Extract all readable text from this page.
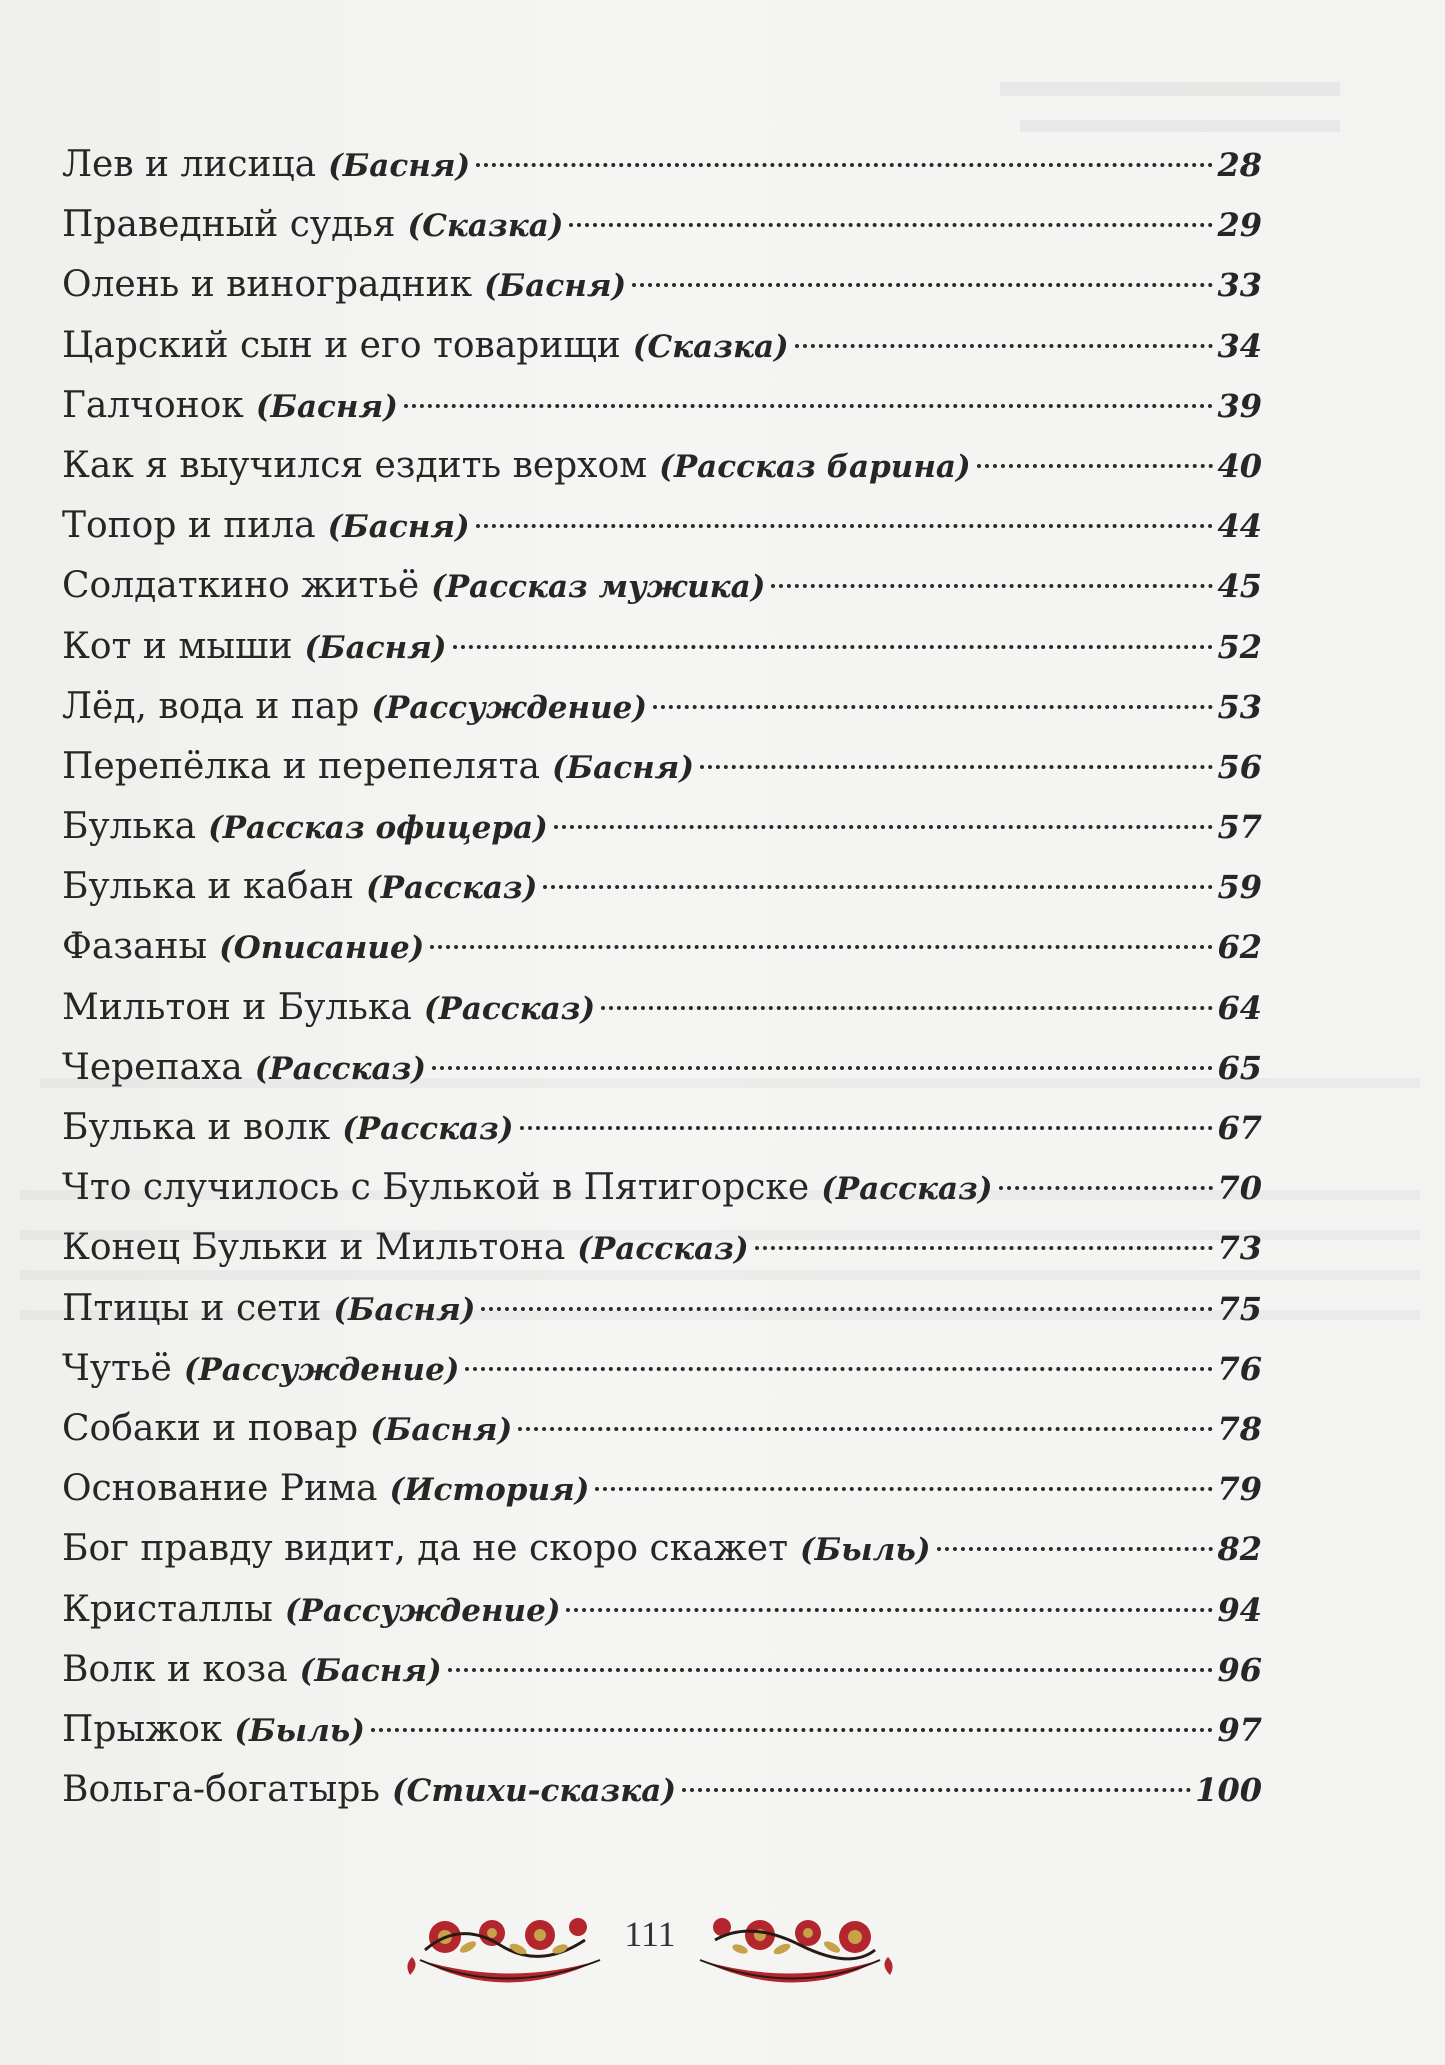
Лев и лисица (Басня)	28
Праведный судья (Сказка)	29
Олень и виноградник (Басня)	33
Царский сын и его товарищи (Сказка)	34
Галчонок (Басня)	39
Как я выучился ездить верхом (Рассказ барина)	40
Топор и пила (Басня)	44
Солдаткино житьё (Рассказ мужика)	45
Кот и мыши (Басня)	52
Лёд, вода и пар (Рассуждение)	53
Перепёлка и перепелята (Басня)	56
Булька (Рассказ офицера)	57
Булька и кабан (Рассказ)	59
Фазаны (Описание)	62
Мильтон и Булька (Рассказ)	64
Черепаха (Рассказ)	65
Булька и волк (Рассказ)	67
Что случилось с Булькой в Пятигорске (Рассказ)	70
Конец Бульки и Мильтона (Рассказ)	73
Птицы и сети (Басня)	75
Чутьё (Рассуждение)	76
Собаки и повар (Басня)	78
Основание Рима (История)	79
Бог правду видит, да не скоро скажет (Быль)	82
Кристаллы (Рассуждение)	94
Волк и коза (Басня)	96
Прыжок (Быль)	97
Вольга-богатырь (Стихи-сказка)	100
111
